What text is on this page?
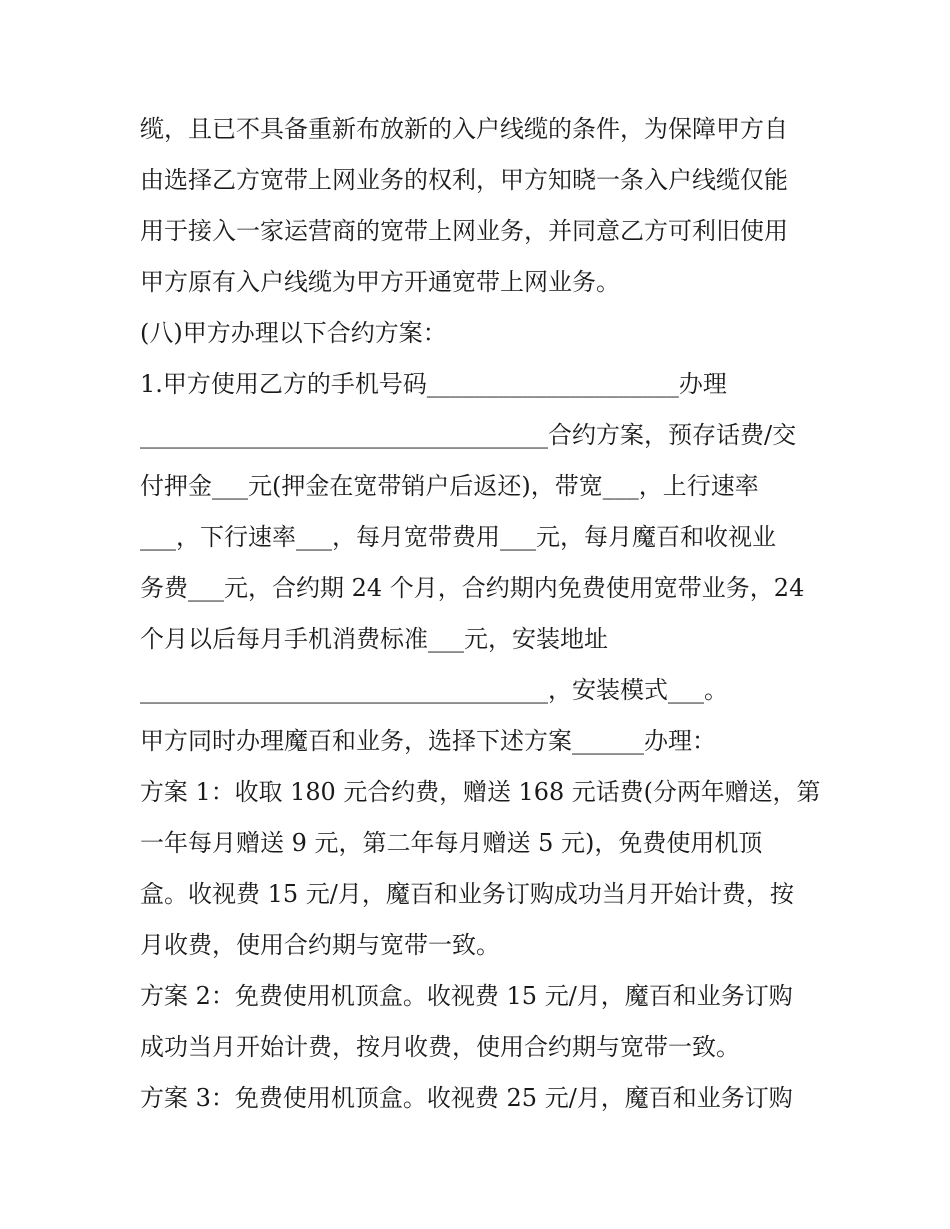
缆，且已不具备重新布放新的入户线缆的条件，为保障甲方自
由选择乙方宽带上网业务的权利，甲方知晓一条入户线缆仅能
用于接入一家运营商的宽带上网业务，并同意乙方可利旧使用
甲方原有入户线缆为甲方开通宽带上网业务。
(八)甲方办理以下合约方案：
1.甲方使用乙方的手机号码_____________________办理
__________________________________合约方案，预存话费/交
付押金___元(押金在宽带销户后返还)，带宽___，上行速率
___，下行速率___，每月宽带费用___元，每月魔百和收视业
务费___元，合约期 24 个月，合约期内免费使用宽带业务，24
个月以后每月手机消费标准___元，安装地址
__________________________________，安装模式___。
甲方同时办理魔百和业务，选择下述方案______办理：
方案 1：收取 180 元合约费，赠送 168 元话费(分两年赠送，第
一年每月赠送 9 元，第二年每月赠送 5 元)，免费使用机顶
盒。收视费 15 元/月，魔百和业务订购成功当月开始计费，按
月收费，使用合约期与宽带一致。
方案 2：免费使用机顶盒。收视费 15 元/月，魔百和业务订购
成功当月开始计费，按月收费，使用合约期与宽带一致。
方案 3：免费使用机顶盒。收视费 25 元/月，魔百和业务订购
